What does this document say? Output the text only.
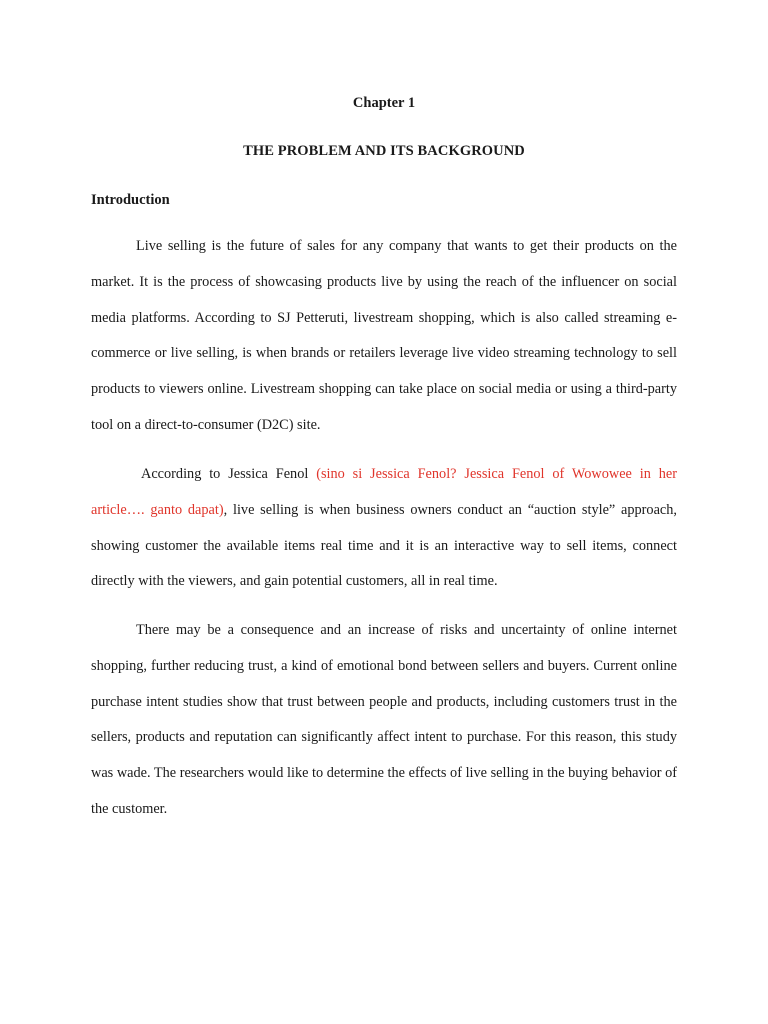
Chapter 1
THE PROBLEM AND ITS BACKGROUND
Introduction

Live selling is the future of sales for any company that wants to get their products on the market. It is the process of showcasing products live by using the reach of the influencer on social media platforms. According to SJ Petteruti, livestream shopping, which is also called streaming e-commerce or live selling, is when brands or retailers leverage live video streaming technology to sell products to viewers online. Livestream shopping can take place on social media or using a third-party tool on a direct-to-consumer (D2C) site.

According to Jessica Fenol (sino si Jessica Fenol? Jessica Fenol of Wowowee in her article…. ganto dapat), live selling is when business owners conduct an “auction style” approach, showing customer the available items real time and it is an interactive way to sell items, connect directly with the viewers, and gain potential customers, all in real time.

There may be a consequence and an increase of risks and uncertainty of online internet shopping, further reducing trust, a kind of emotional bond between sellers and buyers. Current online purchase intent studies show that trust between people and products, including customers trust in the sellers, products and reputation can significantly affect intent to purchase. For this reason, this study was wade. The researchers would like to determine the effects of live selling in the buying behavior of the customer.
